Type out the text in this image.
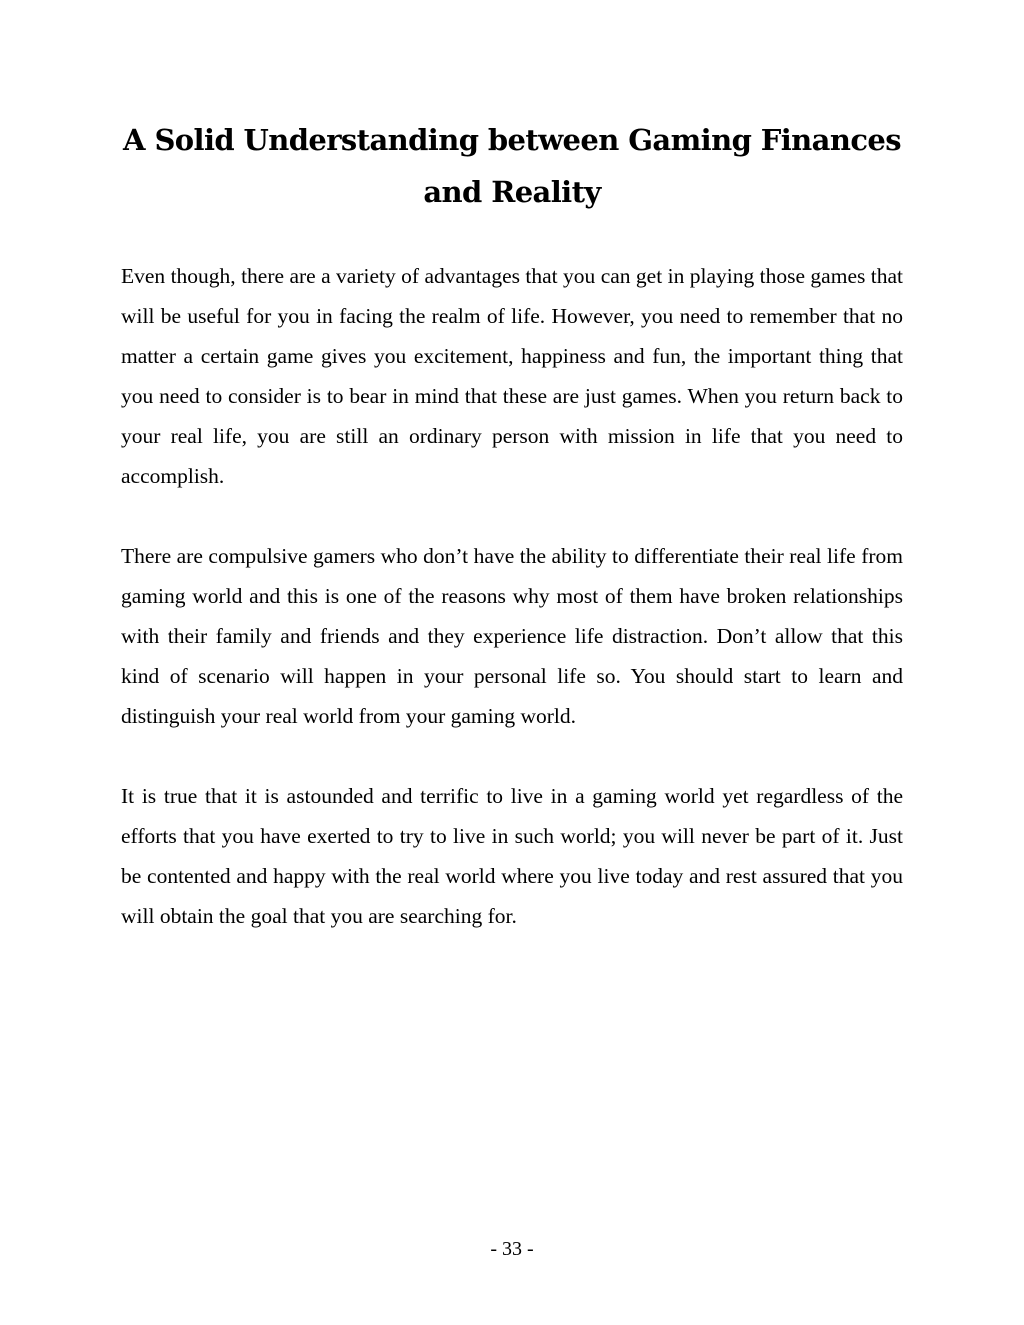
A Solid Understanding between Gaming Finances and Reality

Even though, there are a variety of advantages that you can get in playing those games that will be useful for you in facing the realm of life. However, you need to remember that no matter a certain game gives you excitement, happiness and fun, the important thing that you need to consider is to bear in mind that these are just games. When you return back to your real life, you are still an ordinary person with mission in life that you need to accomplish.

There are compulsive gamers who don’t have the ability to differentiate their real life from gaming world and this is one of the reasons why most of them have broken relationships with their family and friends and they experience life distraction. Don’t allow that this kind of scenario will happen in your personal life so. You should start to learn and distinguish your real world from your gaming world.

It is true that it is astounded and terrific to live in a gaming world yet regardless of the efforts that you have exerted to try to live in such world; you will never be part of it. Just be contented and happy with the real world where you live today and rest assured that you will obtain the goal that you are searching for.

- 33 -
